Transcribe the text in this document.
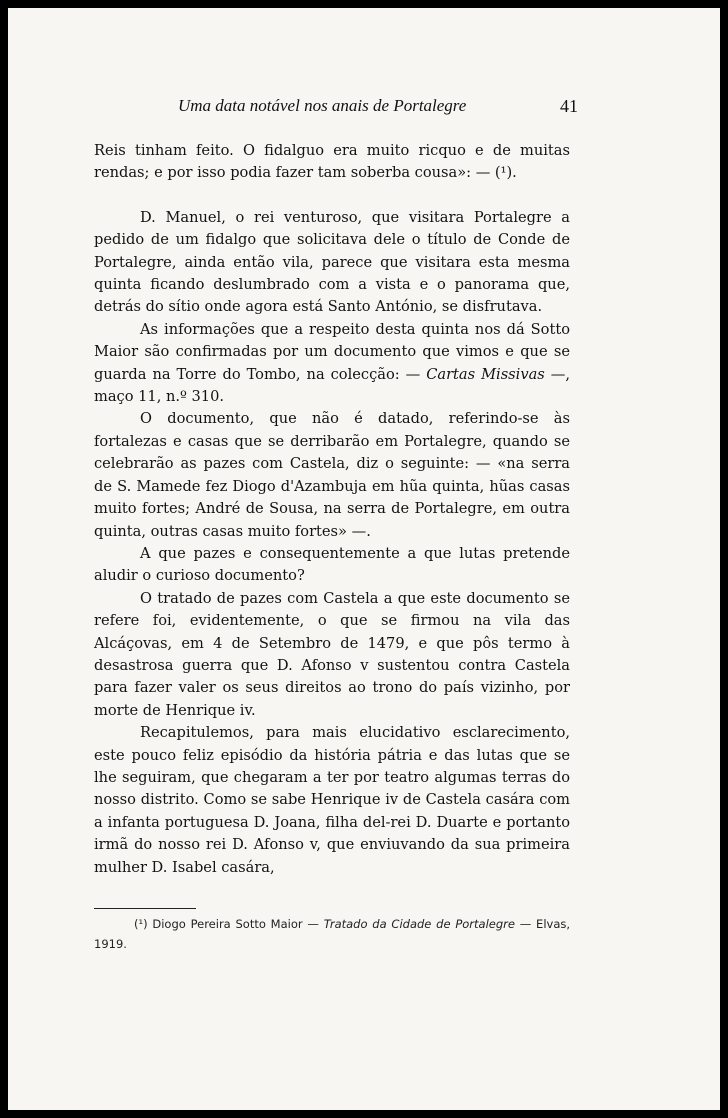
Uma data notável nos anais de Portalegre	41

Reis tinham feito. O fidalguo era muito ricquo e de muitas rendas; e por isso podia fazer tam soberba cousa»: — (¹).

D. Manuel, o rei venturoso, que visitara Portalegre a pedido de um fidalgo que solicitava dele o título de Conde de Portalegre, ainda então vila, parece que visitara esta mesma quinta ficando deslumbrado com a vista e o panorama que, detrás do sítio onde agora está Santo António, se disfrutava.

As informações que a respeito desta quinta nos dá Sotto Maior são confirmadas por um documento que vimos e que se guarda na Torre do Tombo, na colecção: — Cartas Missivas —, maço 11, n.º 310.

O documento, que não é datado, referindo-se às fortalezas e casas que se derribarão em Portalegre, quando se celebrarão as pazes com Castela, diz o seguinte: — «na serra de S. Mamede fez Diogo d'Azambuja em hũa quinta, hũas casas muito fortes; André de Sousa, na serra de Portalegre, em outra quinta, outras casas muito fortes» —.

A que pazes e consequentemente a que lutas pretende aludir o curioso documento?

O tratado de pazes com Castela a que este documento se refere foi, evidentemente, o que se firmou na vila das Alcáçovas, em 4 de Setembro de 1479, e que pôs termo à desastrosa guerra que D. Afonso v sustentou contra Castela para fazer valer os seus direitos ao trono do país vizinho, por morte de Henrique iv.

Recapitulemos, para mais elucidativo esclarecimento, este pouco feliz episódio da história pátria e das lutas que se lhe seguiram, que chegaram a ter por teatro algumas terras do nosso distrito. Como se sabe Henrique iv de Castela casára com a infanta portuguesa D. Joana, filha del-rei D. Duarte e portanto irmã do nosso rei D. Afonso v, que enviuvando da sua primeira mulher D. Isabel casára,

(¹) Diogo Pereira Sotto Maior — Tratado da Cidade de Portalegre — Elvas, 1919.
